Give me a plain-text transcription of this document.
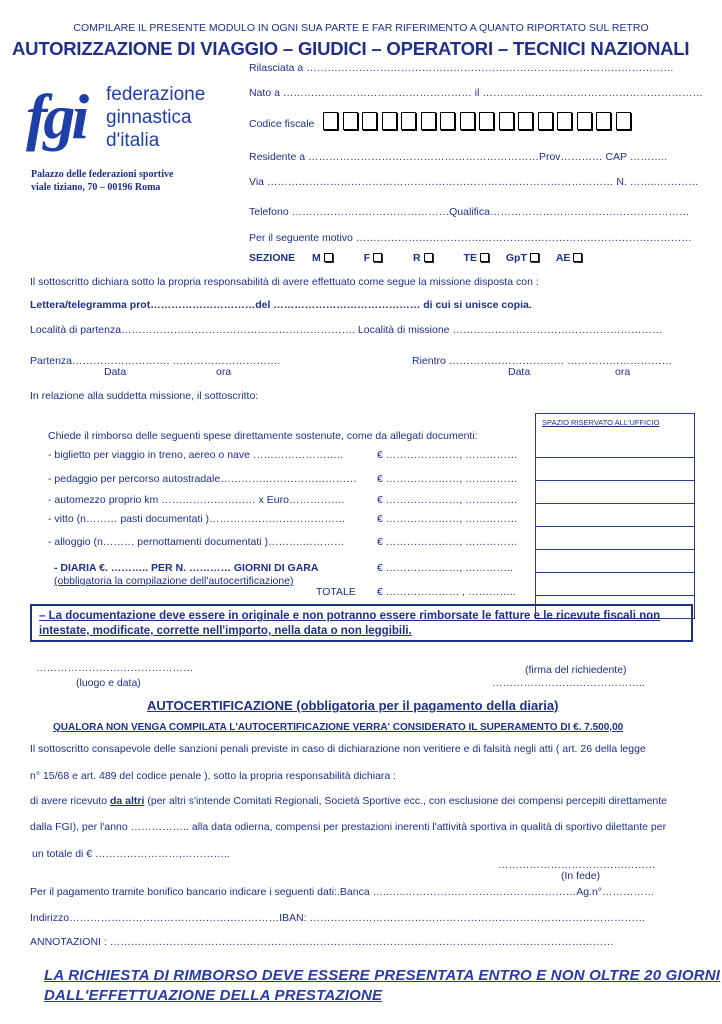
COMPILARE IL PRESENTE MODULO IN OGNI SUA PARTE E FAR RIFERIMENTO A QUANTO RIPORTATO SUL RETRO
AUTORIZZAZIONE DI VIAGGIO – GIUDICI – OPERATORI – TECNICI NAZIONALI
fgi federazione
ginnastica
d'italia
Palazzo delle federazioni sportive
viale tiziano, 70 – 00196 Roma
Rilasciata a ……………………………………………………………………………………………
Nato a ……………………………………………… il ………………………………………………………
Codice fiscale
Residente a …………………………………………………………Prov………… CAP ………..
Via ……………………………………………………………………………………… N. ……..…………
Telefono ………………………………………Qualifica…………………………………………………
Per il seguente motivo ……………………………………………………………………………………
SEZIONE M	F	R	TE	GpT	AE
Il sottoscritto dichiara sotto la propria responsabilità di avere effettuato come segue la missione disposta con :
Lettera/telegramma prot…………………………del …………………………………… di cui si unisce copia.
Località di partenza…………………………………………………………. Località di missione ……………………………………………………
Partenza………………………. ………………………….
Data	ora
Rientro …………………………… …………………………
Data	ora
In relazione alla suddetta missione, il sottoscritto:
Chiede il rimborso delle seguenti spese direttamente sostenute, come da allegati documenti:
- biglietto per viaggio in treno, aereo o nave ……………………..	€ …………………, ……………
- pedaggio per percorso autostradale………………………………… € …………………, ……………
- automezzo proprio km ……………………… x Euro…………….	€ …………………, ……………
- vitto (n……… pasti documentati )…………………………………	€ …………………, ……………
- alloggio (n……… pernottamenti documentati )……….…………	€ …………………, ……………
- DIARIA €. ……….. PER N. ………… GIORNI DI GARA	€ …………………, …………..
(obbligatoria la compilazione dell'autocertificazione)
TOTALE € ………………… , …………..
SPAZIO RISERVATO ALL'UFFICIO

– La documentazione deve essere in originale e non potranno essere rimborsate le fatture e le ricevute fiscali non intestate, modificate, corrette nell'importo, nella data o non leggibili.
………………………………………
(luogo e data)
(firma del richiedente)
……………………………………..
AUTOCERTIFICAZIONE (obbligatoria per il pagamento della diaria)
QUALORA NON VENGA COMPILATA L'AUTOCERTIFICAZIONE VERRA' CONSIDERATO IL SUPERAMENTO DI €. 7.500,00
Il sottoscritto consapevole delle sanzioni penali previste in caso di dichiarazione non veritiere e di falsità negli atti ( art. 26 della legge
n° 15/68 e art. 489 del codice penale ), sotto la propria responsabilità dichiara :
di avere ricevuto da altri (per altri s'intende Comitati Regionali, Società Sportive ecc., con esclusione dei compensi percepiti direttamente
dalla FGI), per l'anno …………….. alla data odierna, compensi per prestazioni inerenti l'attività sportiva in qualità di sportivo dilettante per
un totale di € ……………………,…………..
………………………………………
(In fede)
Per il pagamento tramite bonifico bancario indicare i seguenti dati:.Banca …..…..……………………….…………………Ag.n°……………
Indirizzo……………………………………………………IBAN: ……………………………………………………………………………………
ANNOTAZIONI : ………………………………………………………………………………………………………………………………
LA RICHIESTA DI RIMBORSO DEVE ESSERE PRESENTATA ENTRO E NON OLTRE 20 GIORNI
DALL'EFFETTUAZIONE DELLA PRESTAZIONE
